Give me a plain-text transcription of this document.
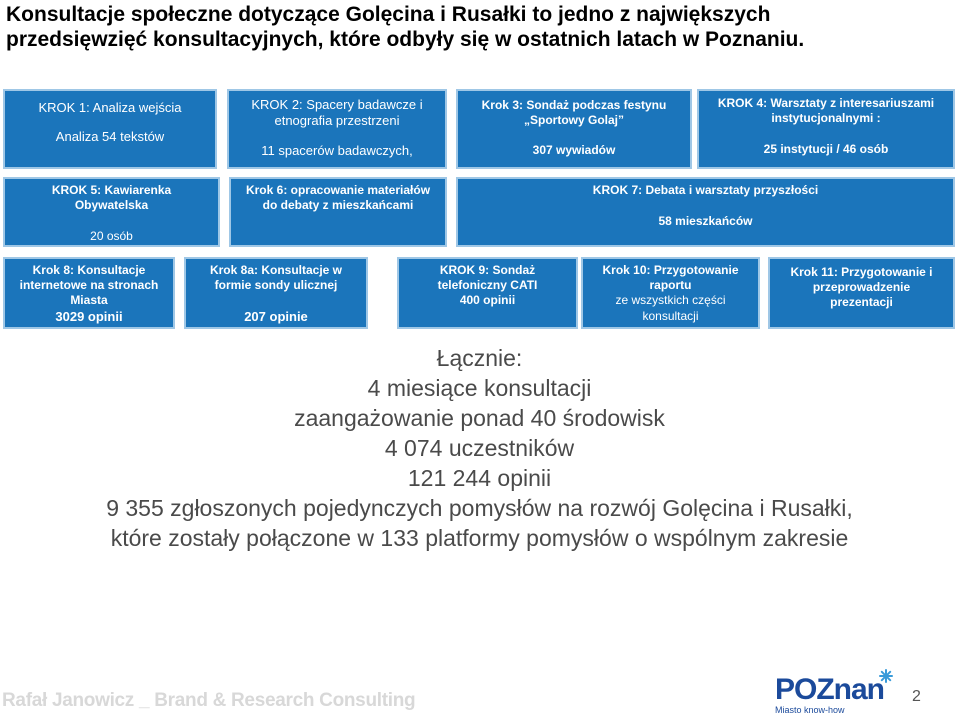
Konsultacje społeczne dotyczące Golęcina i Rusałki to jedno z największych
przedsięwzięć konsultacyjnych, które odbyły się w ostatnich latach w Poznaniu.
KROK 1: Analiza wejścia
Analiza 54 tekstów
KROK 2: Spacery badawcze i
etnografia przestrzeni
11 spacerów badawczych,
Krok 3: Sondaż podczas festynu
„Sportowy Golaj”
307 wywiadów
KROK 4: Warsztaty z interesariuszami
instytucjonalnymi :
25 instytucji / 46 osób
KROK 5: Kawiarenka
Obywatelska
20 osób
Krok 6: opracowanie materiałów
do debaty z mieszkańcami
KROK 7: Debata i warsztaty przyszłości
58 mieszkańców
Krok 8: Konsultacje
internetowe na stronach
Miasta
3029 opinii
Krok 8a: Konsultacje w
formie sondy ulicznej
207 opinie
KROK 9: Sondaż
telefoniczny CATI
400 opinii
Krok 10: Przygotowanie
raportu
ze wszystkich części
konsultacji
Krok 11: Przygotowanie i
przeprowadzenie
prezentacji
Łącznie:
4 miesiące konsultacji
zaangażowanie ponad 40 środowisk
4 074 uczestników
121 244 opinii
9 355 zgłoszonych pojedynczych pomysłów na rozwój Golęcina i Rusałki,
które zostały połączone w 133 platformy pomysłów o wspólnym zakresie
Rafał Janowicz _ Brand & Research Consulting	POZnan
Miasto know-how
2
